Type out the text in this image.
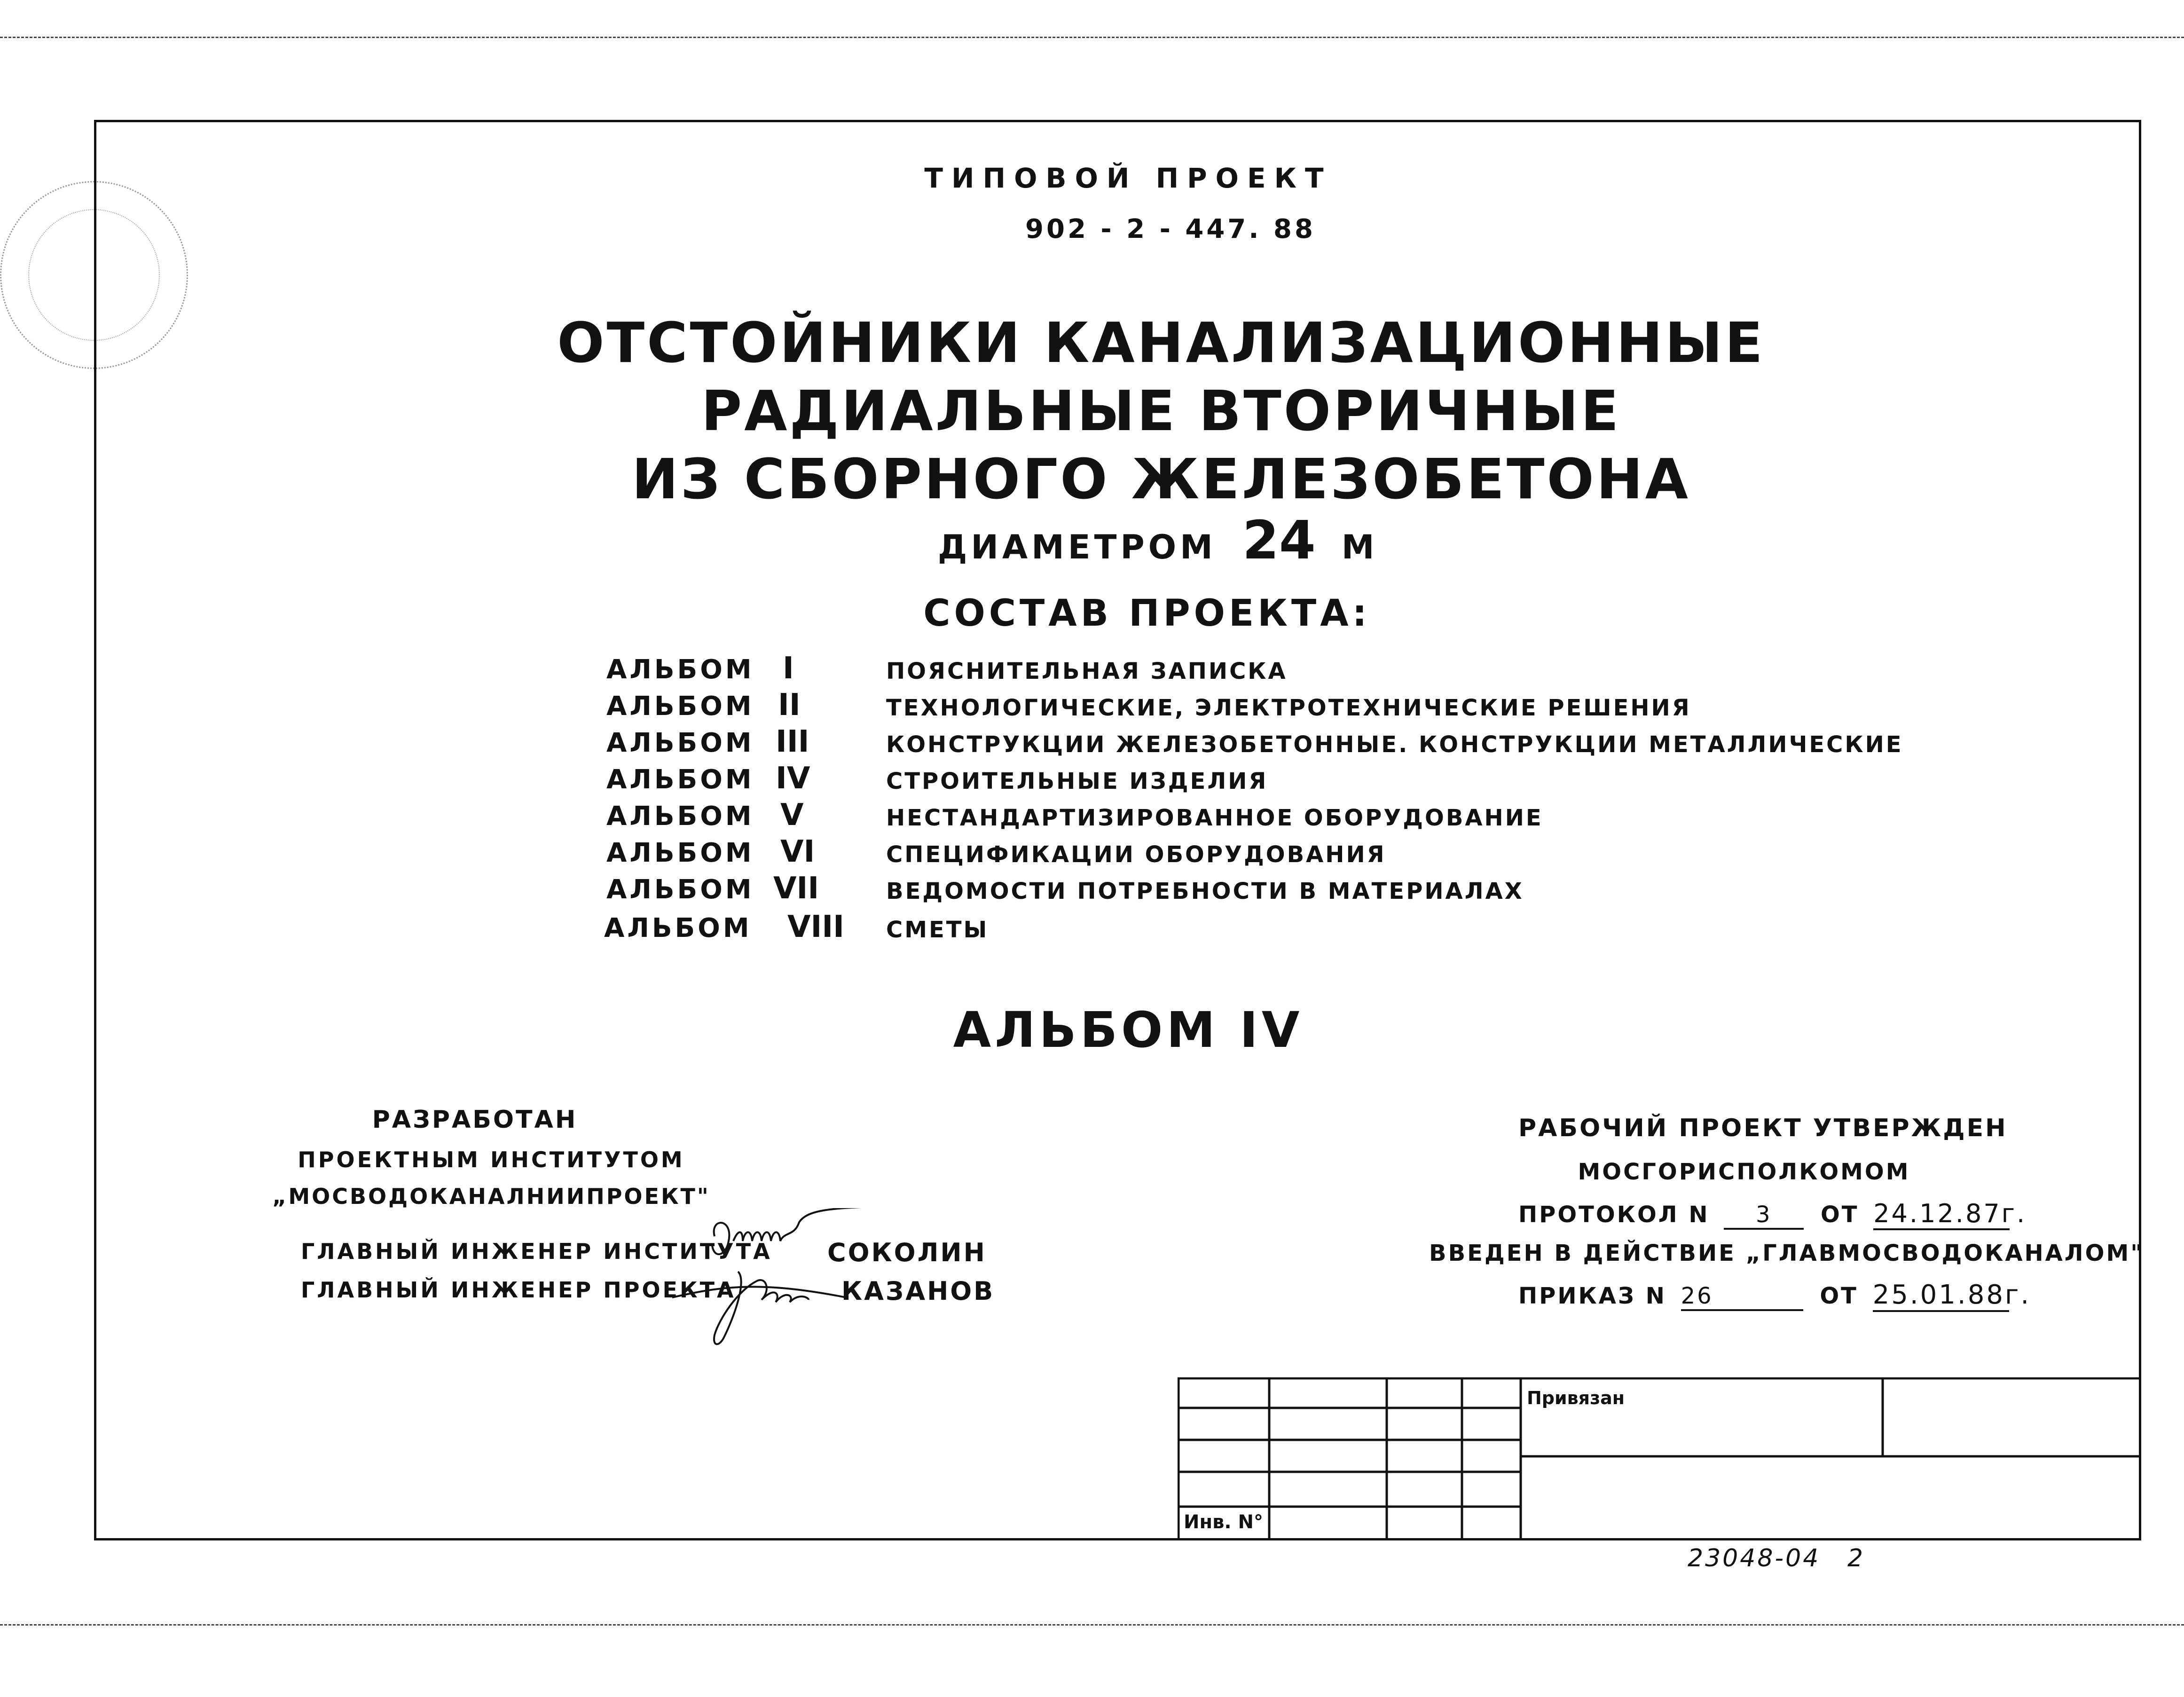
ТИПОВОЙ ПРОЕКТ
902 - 2 - 447. 88
ОТСТОЙНИКИ КАНАЛИЗАЦИОННЫЕ
РАДИАЛЬНЫЕ ВТОРИЧНЫЕ
ИЗ СБОРНОГО ЖЕЛЕЗОБЕТОНА
ДИАМЕТРОМ 24 М
СОСТАВ ПРОЕКТА:
АЛЬБОМ I	ПОЯСНИТЕЛЬНАЯ ЗАПИСКА
АЛЬБОМ II	ТЕХНОЛОГИЧЕСКИЕ, ЭЛЕКТРОТЕХНИЧЕСКИЕ РЕШЕНИЯ
АЛЬБОМ III	КОНСТРУКЦИИ ЖЕЛЕЗОБЕТОННЫЕ. КОНСТРУКЦИИ МЕТАЛЛИЧЕСКИЕ
АЛЬБОМ IV	СТРОИТЕЛЬНЫЕ ИЗДЕЛИЯ
АЛЬБОМ V	НЕСТАНДАРТИЗИРОВАННОЕ ОБОРУДОВАНИЕ
АЛЬБОМ VI	СПЕЦИФИКАЦИИ ОБОРУДОВАНИЯ
АЛЬБОМ VII	ВЕДОМОСТИ ПОТРЕБНОСТИ В МАТЕРИАЛАХ
АЛЬБОМ VIII СМЕТЫ
АЛЬБОМ IV
РАЗРАБОТАН
ПРОЕКТНЫМ ИНСТИТУТОМ
„МОСВОДОКАНАЛНИИПРОЕКТ"
ГЛАВНЫЙ ИНЖЕНЕР ИНСТИТУТА СОКОЛИН
ГЛАВНЫЙ ИНЖЕНЕР ПРОЕКТА	КАЗАНОВ
РАБОЧИЙ ПРОЕКТ УТВЕРЖДЕН
МОСГОРИСПОЛКОМОМ
ПРОТОКОЛ N 3 ОТ 24.12.87г.
ВВЕДЕН В ДЕЙСТВИЕ „ГЛАВМОСВОДОКАНАЛОМ"
ПРИКАЗ N 26	ОТ 25.01.88г.
Привязан
Инв. N°
23048-04 2
